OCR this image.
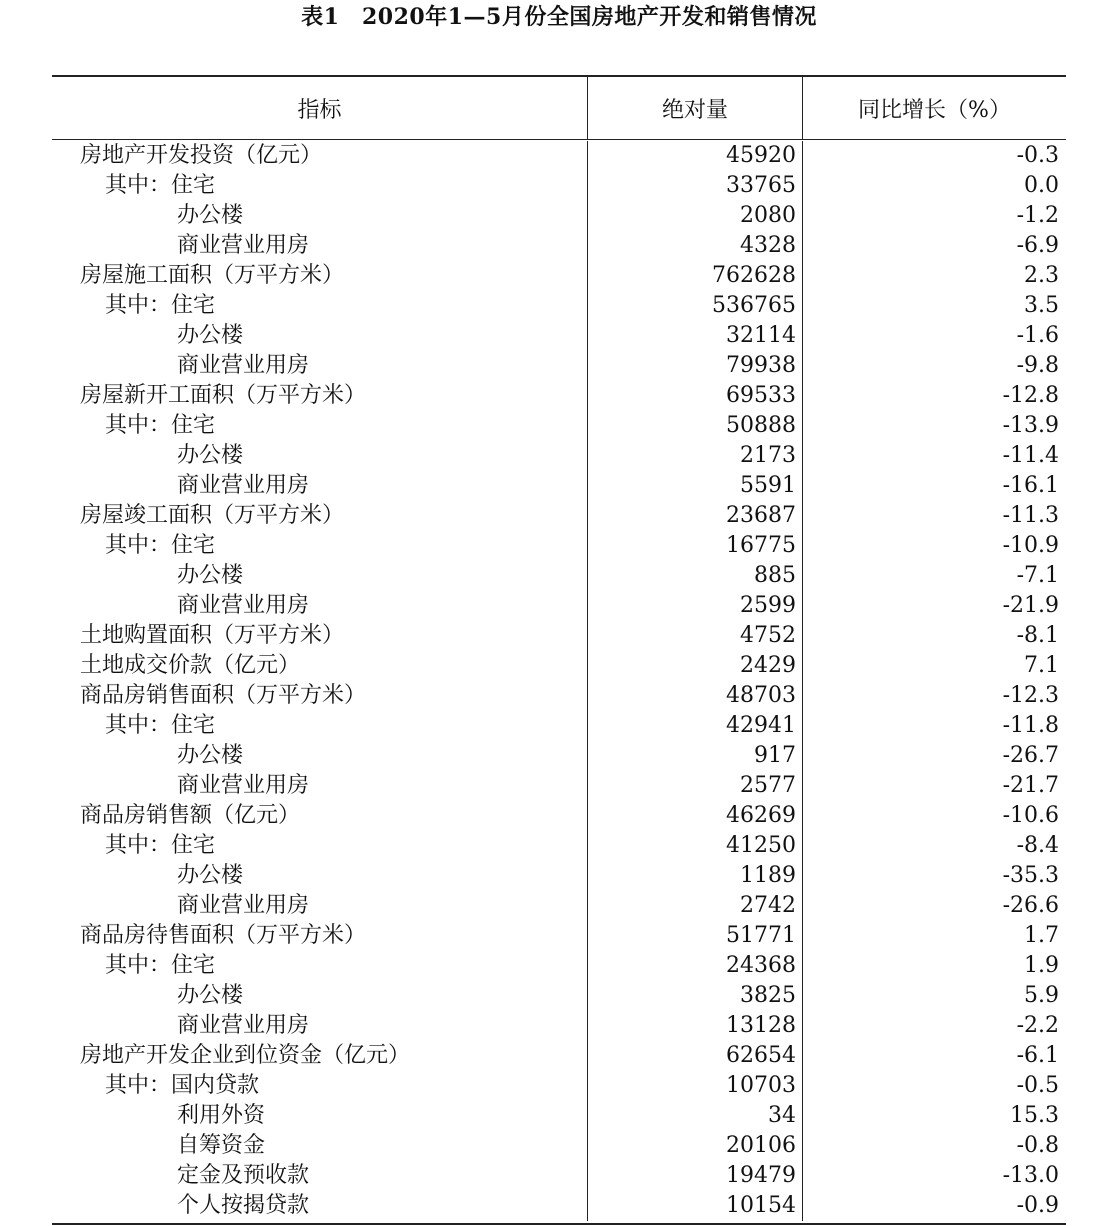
表1　2020年1—5月份全国房地产开发和销售情况
指标	绝对量	同比增长（%）
房地产开发投资（亿元）	45920	-0.3
其中：住宅	33765	0.0
办公楼	2080	-1.2
商业营业用房	4328	-6.9
房屋施工面积（万平方米）	762628	2.3
其中：住宅	536765	3.5
办公楼	32114	-1.6
商业营业用房	79938	-9.8
房屋新开工面积（万平方米）	69533	-12.8
其中：住宅	50888	-13.9
办公楼	2173	-11.4
商业营业用房	5591	-16.1
房屋竣工面积（万平方米）	23687	-11.3
其中：住宅	16775	-10.9
办公楼	885	-7.1
商业营业用房	2599	-21.9
土地购置面积（万平方米）	4752	-8.1
土地成交价款（亿元）	2429	7.1
商品房销售面积（万平方米）	48703	-12.3
其中：住宅	42941	-11.8
办公楼	917	-26.7
商业营业用房	2577	-21.7
商品房销售额（亿元）	46269	-10.6
其中：住宅	41250	-8.4
办公楼	1189	-35.3
商业营业用房	2742	-26.6
商品房待售面积（万平方米）	51771	1.7
其中：住宅	24368	1.9
办公楼	3825	5.9
商业营业用房	13128	-2.2
房地产开发企业到位资金（亿元）	62654	-6.1
其中：国内贷款	10703	-0.5
利用外资	34	15.3
自筹资金	20106	-0.8
定金及预收款	19479	-13.0
个人按揭贷款	10154	-0.9
